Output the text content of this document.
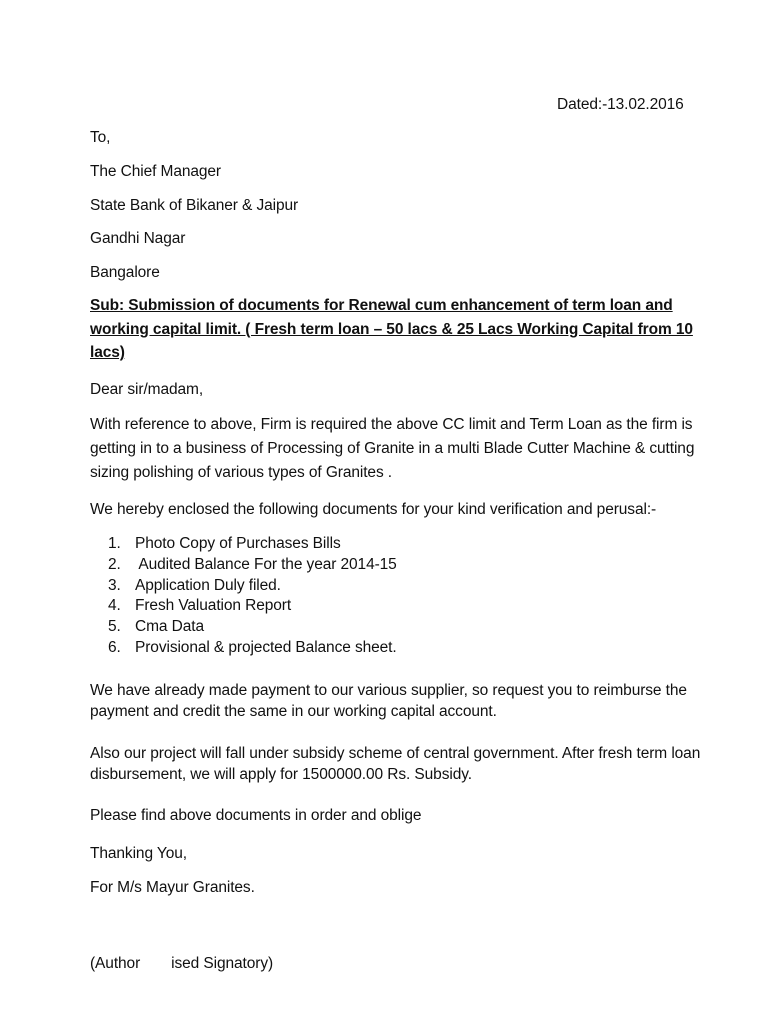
Dated:-13.02.2016
To,
The Chief Manager
State Bank of Bikaner & Jaipur
Gandhi Nagar
Bangalore
Sub: Submission of documents for Renewal cum enhancement of term loan and
working capital limit. ( Fresh term loan – 50 lacs & 25 Lacs Working Capital from 10
lacs)
Dear sir/madam,
With reference to above, Firm is required the above CC limit and Term Loan as the firm is
getting in to a business of Processing of Granite in a multi Blade Cutter Machine & cutting
sizing polishing of various types of Granites .
We hereby enclosed the following documents for your kind verification and perusal:-
1. Photo Copy of Purchases Bills
2. Audited Balance For the year 2014-15
3. Application Duly filed.
4. Fresh Valuation Report
5. Cma Data
6. Provisional & projected Balance sheet.
We have already made payment to our various supplier, so request you to reimburse the
payment and credit the same in our working capital account.
Also our project will fall under subsidy scheme of central government. After fresh term loan
disbursement, we will apply for 1500000.00 Rs. Subsidy.
Please find above documents in order and oblige
Thanking You,
For M/s Mayur Granites.
(Author ised Signatory)
